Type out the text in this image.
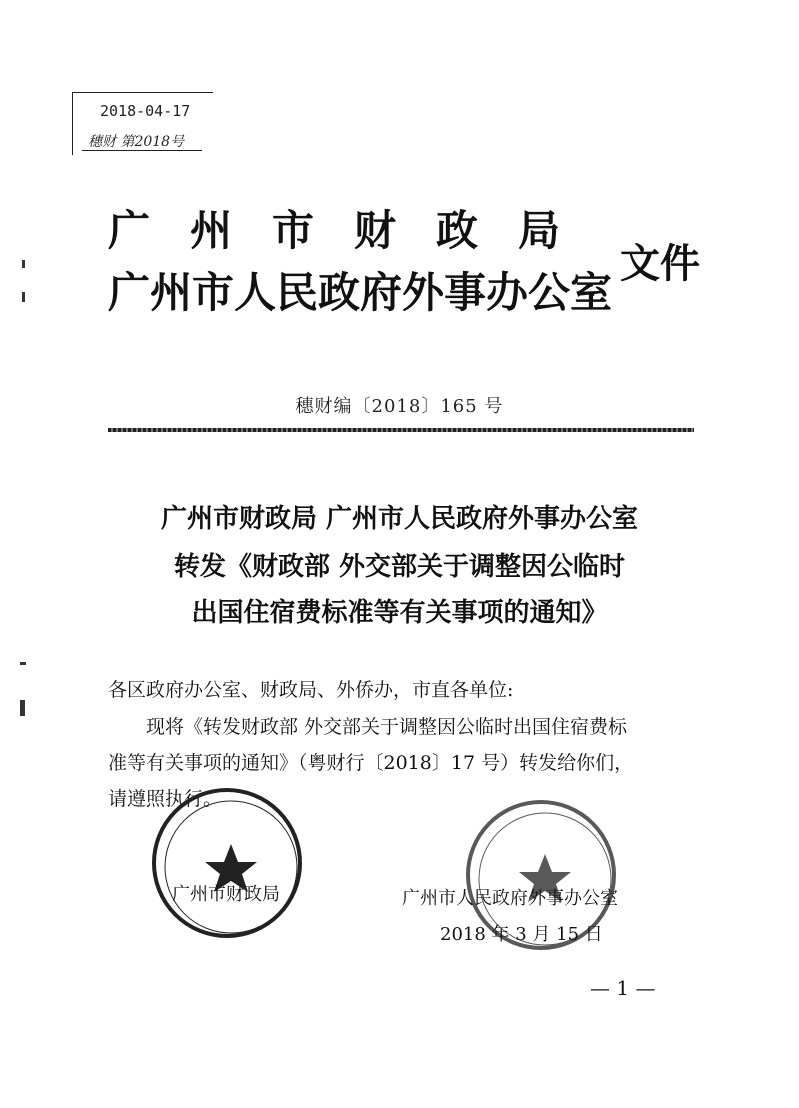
2018-04-17
穗财 第2018号
广州市财政局
广州市人民政府外事办公室
文件
穗财编〔2018〕165 号
广州市财政局 广州市人民政府外事办公室
转发《财政部 外交部关于调整因公临时
出国住宿费标准等有关事项的通知》
各区政府办公室、财政局、外侨办，市直各单位:
现将《转发财政部 外交部关于调整因公临时出国住宿费标
准等有关事项的通知》（粤财行〔2018〕17 号）转发给你们，
请遵照执行。
广州市财政局	广州市人民政府外事办公室
2018 年 3 月 15 日
— 1 —
